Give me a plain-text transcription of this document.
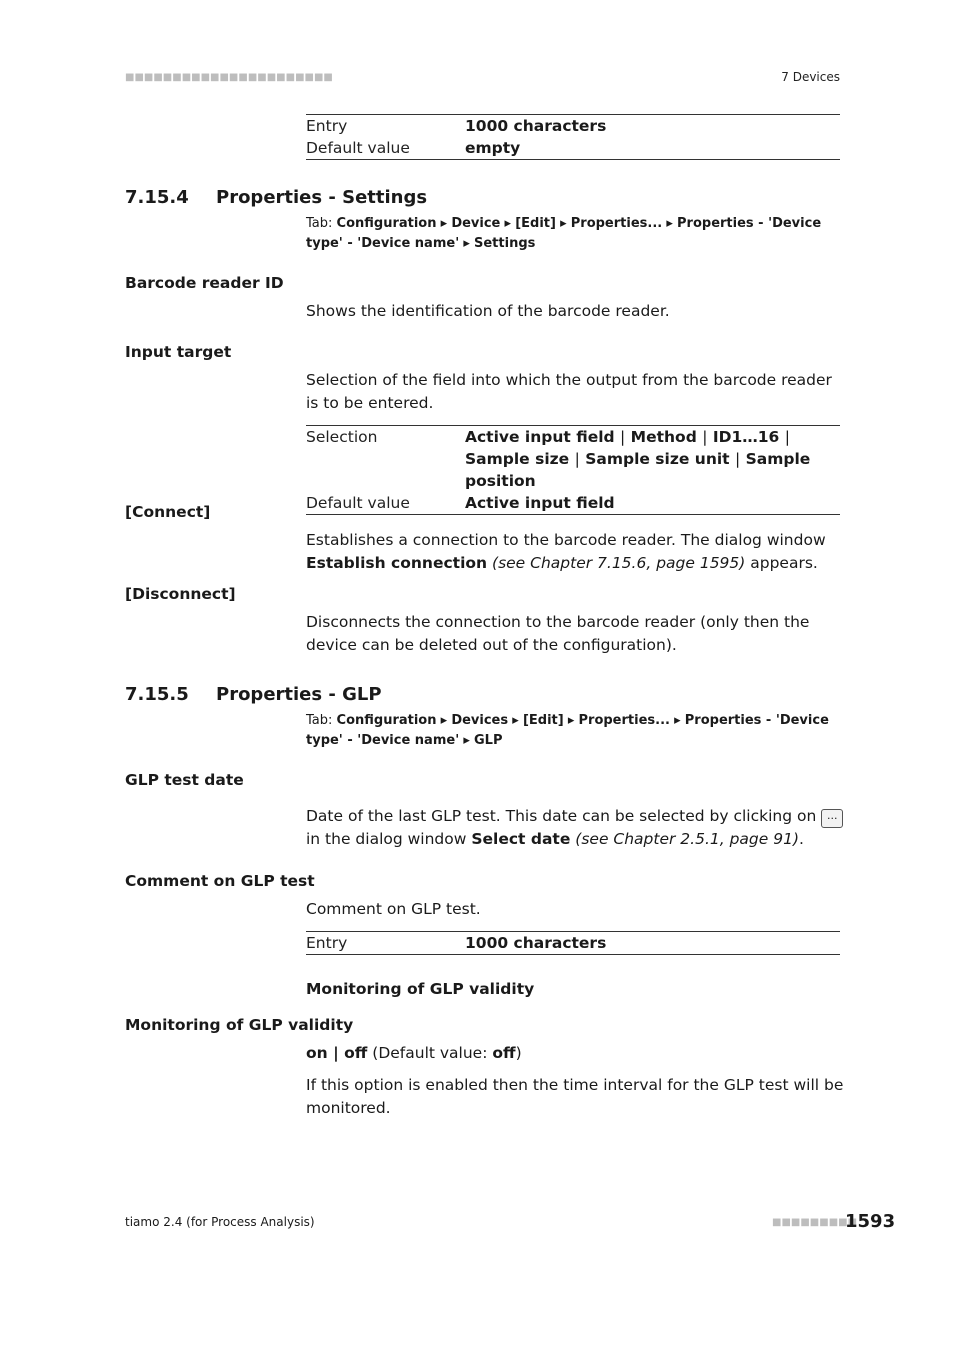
■■■■■■■■■■■■■■■■■■■■■■	7 Devices
Entry	1000 characters
Default value	empty
7.15.4 Properties - Settings
Tab: Configuration ▸ Device ▸ [Edit] ▸ Properties... ▸ Properties - 'Device type' - 'Device name' ▸ Settings
Barcode reader ID
Shows the identification of the barcode reader.
Input target
Selection of the field into which the output from the barcode reader is to be entered.
Selection	Active input field | Method | ID1…16 | Sample size | Sample size unit | Sample position
Default value	Active input field
[Connect]
Establishes a connection to the barcode reader. The dialog window Establish connection (see Chapter 7.15.6, page 1595) appears.
[Disconnect]
Disconnects the connection to the barcode reader (only then the device can be deleted out of the configuration).
7.15.5 Properties - GLP
Tab: Configuration ▸ Devices ▸ [Edit] ▸ Properties... ▸ Properties - 'Device type' - 'Device name' ▸ GLP
GLP test date
Date of the last GLP test. This date can be selected by clicking on ... in the dialog window Select date (see Chapter 2.5.1, page 91).
Comment on GLP test
Comment on GLP test.
Entry	1000 characters
Monitoring of GLP validity
Monitoring of GLP validity
on | off (Default value: off)
If this option is enabled then the time interval for the GLP test will be monitored.
tiamo 2.4 (for Process Analysis)	■■■■■■■■■
1593
